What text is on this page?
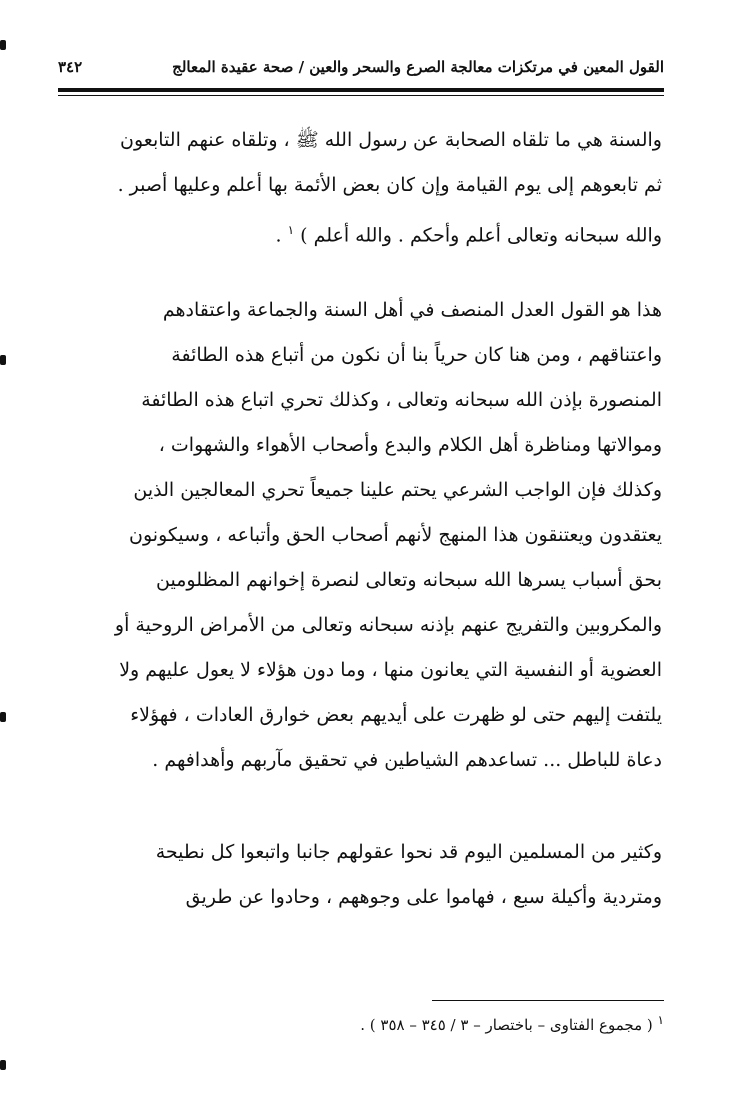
القول المعين في مرتكزات معالجة الصرع والسحر والعين / صحة عقيدة المعالج
٣٤٢
والسنة هي ما تلقاه الصحابة عن رسول الله ﷺ ، وتلقاه عنهم التابعون
ثم تابعوهم إلى يوم القيامة وإن كان بعض الأئمة بها أعلم وعليها أصبر .
والله سبحانه وتعالى أعلم وأحكم . والله أعلم ) $^١$ .
هذا هو القول العدل المنصف في أهل السنة والجماعة واعتقادهم
واعتناقهم ، ومن هنا كان حرياً بنا أن نكون من أتباع هذه الطائفة
المنصورة بإذن الله سبحانه وتعالى ، وكذلك تحري اتباع هذه الطائفة
وموالاتها ومناظرة أهل الكلام والبدع وأصحاب الأهواء والشهوات ،
وكذلك فإن الواجب الشرعي يحتم علينا جميعاً تحري المعالجين الذين
يعتقدون ويعتنقون هذا المنهج لأنهم أصحاب الحق وأتباعه ، وسيكونون
بحق أسباب يسرها الله سبحانه وتعالى لنصرة إخوانهم المظلومين
والمكروبين والتفريج عنهم بإذنه سبحانه وتعالى من الأمراض الروحية أو
العضوية أو النفسية التي يعانون منها ، وما دون هؤلاء لا يعول عليهم ولا
يلتفت إليهم حتى لو ظهرت على أيديهم بعض خوارق العادات ، فهؤلاء
دعاة للباطل ... تساعدهم الشياطين في تحقيق مآربهم وأهدافهم .
وكثير من المسلمين اليوم قد نحوا عقولهم جانبا واتبعوا كل نطيحة
ومتردية وأكيلة سبع ، فهاموا على وجوههم ، وحادوا عن طريق
$^١$ ( مجموع الفتاوى – باختصار – ٣ / ٣٤٥ – ٣٥٨ ) .
